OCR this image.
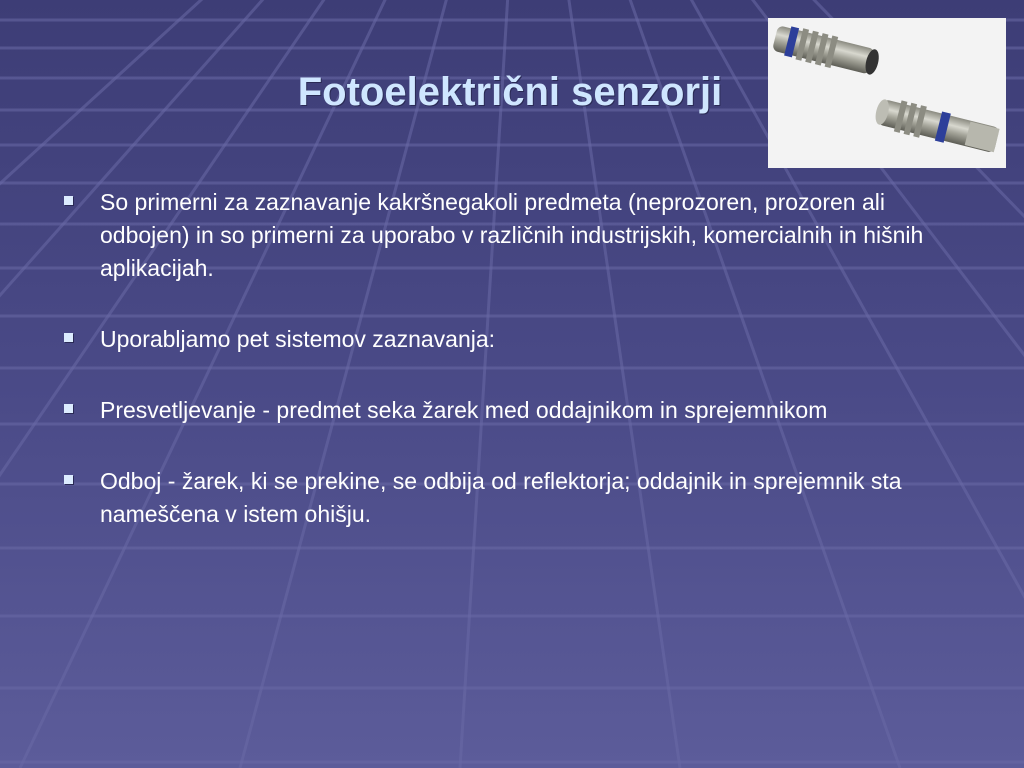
Fotoelektrični senzorji
So primerni za zaznavanje kakršnegakoli predmeta (neprozoren, prozoren ali odbojen) in so primerni za uporabo v različnih industrijskih, komercialnih in hišnih aplikacijah.
Uporabljamo pet sistemov zaznavanja:
Presvetljevanje - predmet seka žarek med oddajnikom in sprejemnikom
Odboj - žarek, ki se prekine, se odbija od reflektorja; oddajnik in sprejemnik sta nameščena v istem ohišju.
